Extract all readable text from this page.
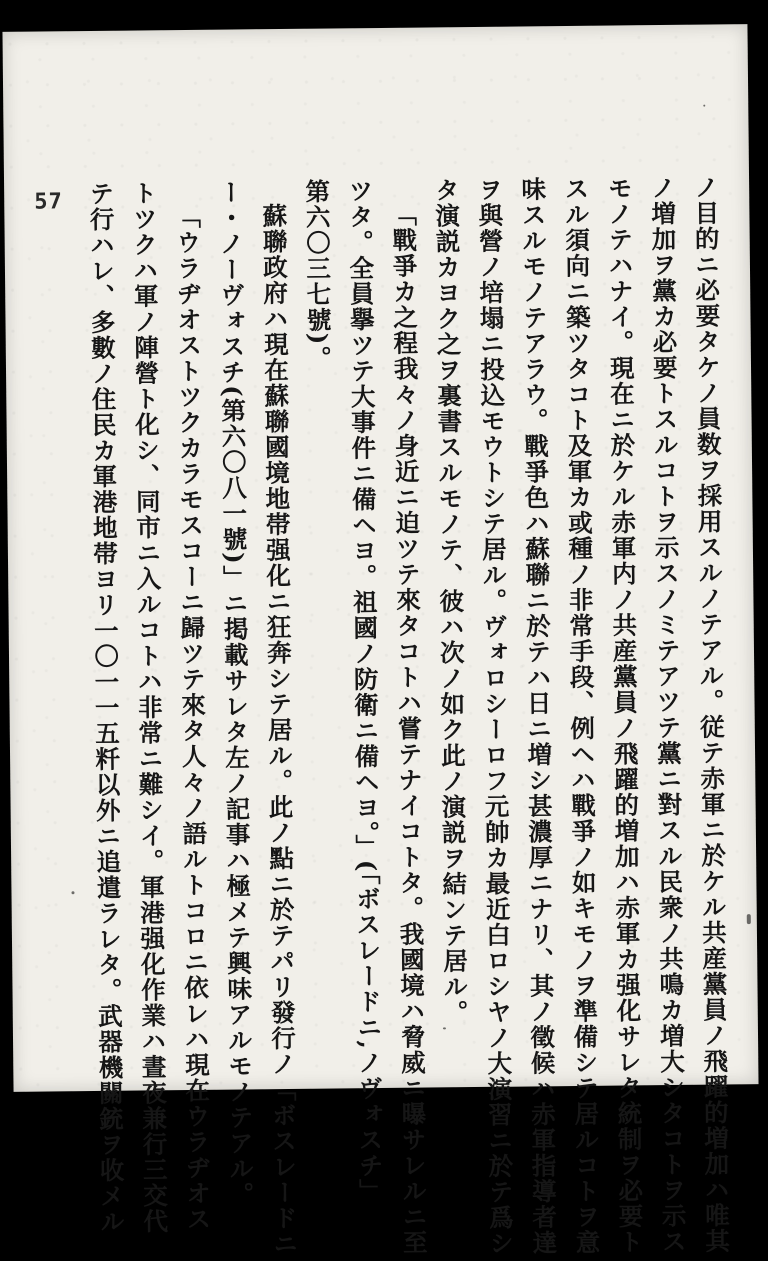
57	ノ目的ニ必要タケノ員数ヲ採用スルノテアル。従テ赤軍ニ於ケル共産黨員ノ飛躍的増加ハ唯其

ノ増加ヲ黨カ必要トスルコトヲ示スノミテアツテ黨ニ對スル民衆ノ共鳴カ増大シタコトヲ示ス

モノテハナイ。現在ニ於ケル赤軍内ノ共産黨員ノ飛躍的増加ハ赤軍カ强化サレタ統制ヲ必要ト

スル須向ニ築ツタコト及軍カ或種ノ非常手段、例ヘハ戰爭ノ如キモノヲ準備シテ居ルコトヲ意

味スルモノテアラウ。戰爭色ハ蘇聯ニ於テハ日ニ増シ甚濃厚ニナリ、其ノ徵候ハ赤軍指導者達

ヲ與營ノ培塌ニ投込モウトシテ居ル。ヴォロシーロフ元帥カ最近白ロシヤノ大演習ニ於テ爲シ

タ演説カヨク之ヲ裏書スルモノテ、彼ハ次ノ如ク此ノ演説ヲ結ンテ居ル。

「戰爭カ之程我々ノ身近ニ迫ツテ來タコトハ嘗テナイコトタ。我國境ハ脅威ニ曝サレルニ至

ツタ。全員擧ツテ大事件ニ備ヘヨ。祖國ノ防衛ニ備ヘヨ。」(「ボスレードニ,ノヴォスチ」

第六〇三七號)。

蘇聯政府ハ現在蘇聯國境地帯强化ニ狂奔シテ居ル。此ノ點ニ於テパリ發行ノ「ボスレードニ

ー・ノーヴォスチ(第六〇八一號)」ニ掲載サレタ左ノ記事ハ極メテ興味アルモノテアル。

「ウラヂオストツクカラモスコーニ歸ツテ來タ人々ノ語ルトコロニ依レハ現在ウラヂオス

トツクハ軍ノ陣營ト化シ、同市ニ入ルコトハ非常ニ難シイ。軍港强化作業ハ晝夜兼行三交代

テ行ハレ、多數ノ住民カ軍港地帯ヨリ一〇一一五粁以外ニ追遣ラレタ。武器機關銃ヲ收メル
